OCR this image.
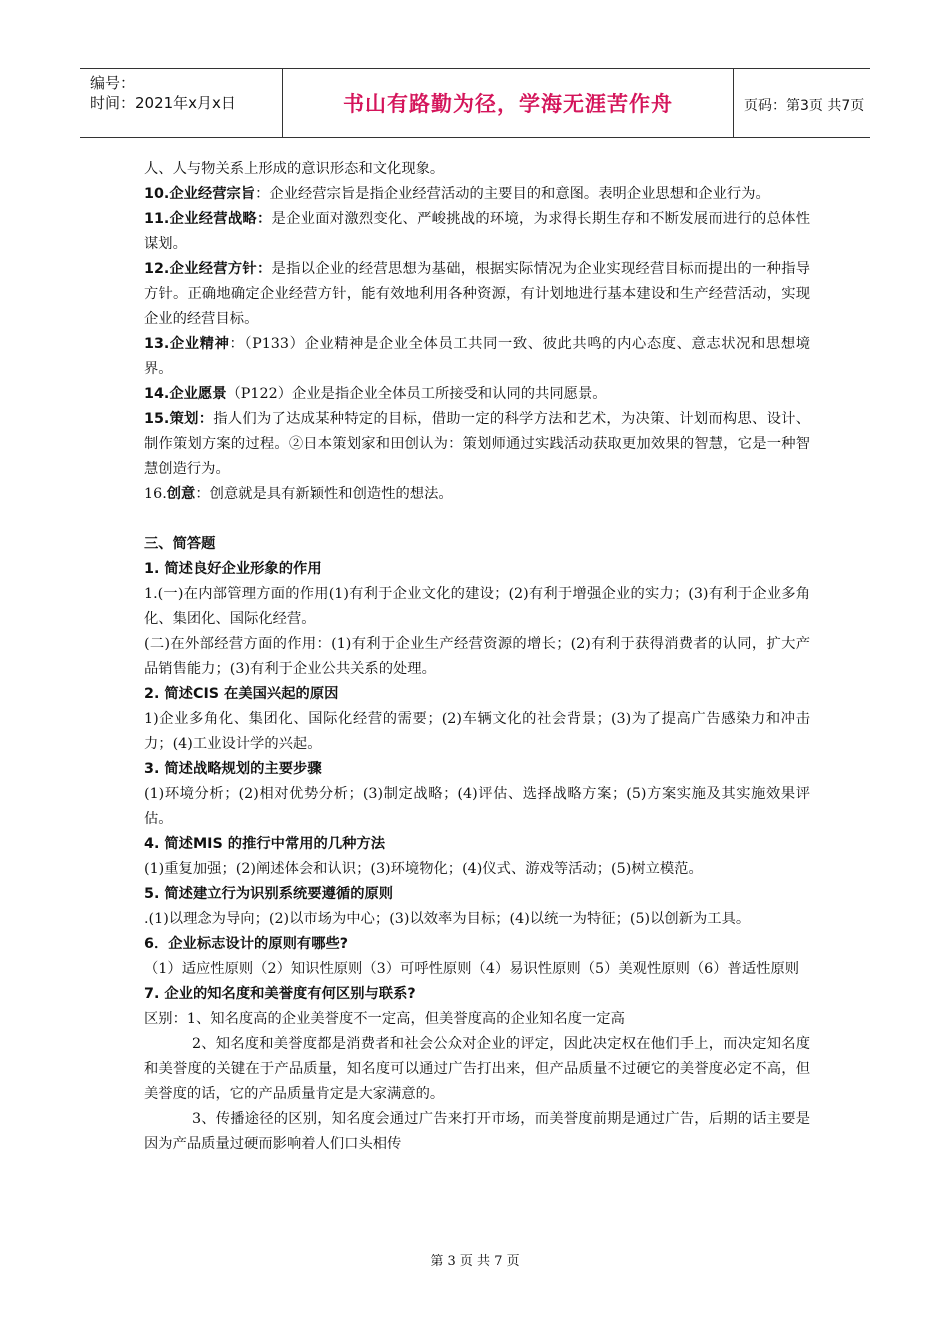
编号：
时间：2021年x月x日	书山有路勤为径，学海无涯苦作舟	页码：第3页 共7页

人、人与物关系上形成的意识形态和文化现象。

10.企业经营宗旨：企业经营宗旨是指企业经营活动的主要目的和意图。表明企业思想和企业行为。

11.企业经营战略：是企业面对激烈变化、严峻挑战的环境，为求得长期生存和不断发展而进行的总体性谋划。

12.企业经营方针：是指以企业的经营思想为基础，根据实际情况为企业实现经营目标而提出的一种指导方针。正确地确定企业经营方针，能有效地利用各种资源，有计划地进行基本建设和生产经营活动，实现企业的经营目标。

13.企业精神：（P133）企业精神是企业全体员工共同一致、彼此共鸣的内心态度、意志状况和思想境界。

14.企业愿景（P122）企业是指企业全体员工所接受和认同的共同愿景。

15.策划：指人们为了达成某种特定的目标，借助一定的科学方法和艺术，为决策、计划而构思、设计、制作策划方案的过程。②日本策划家和田创认为：策划师通过实践活动获取更加效果的智慧，它是一种智慧创造行为。

16.创意：创意就是具有新颖性和创造性的想法。

三、简答题

1. 简述良好企业形象的作用

1.(一)在内部管理方面的作用(1)有利于企业文化的建设；(2)有利于增强企业的实力；(3)有利于企业多角化、集团化、国际化经营。

(二)在外部经营方面的作用：(1)有利于企业生产经营资源的增长；(2)有利于获得消费者的认同，扩大产品销售能力；(3)有利于企业公共关系的处理。

2. 简述CIS 在美国兴起的原因

1)企业多角化、集团化、国际化经营的需要；(2)车辆文化的社会背景；(3)为了提高广告感染力和冲击力；(4)工业设计学的兴起。

3. 简述战略规划的主要步骤

(1)环境分析；(2)相对优势分析；(3)制定战略；(4)评估、选择战略方案；(5)方案实施及其实施效果评估。

4. 简述MIS 的推行中常用的几种方法

(1)重复加强；(2)阐述体会和认识；(3)环境物化；(4)仪式、游戏等活动；(5)树立模范。

5. 简述建立行为识别系统要遵循的原则

.(1)以理念为导向；(2)以市场为中心；(3)以效率为目标；(4)以统一为特征；(5)以创新为工具。

6．企业标志设计的原则有哪些?

（1）适应性原则（2）知识性原则（3）可呼性原则（4）易识性原则（5）美观性原则（6）普适性原则

7. 企业的知名度和美誉度有何区别与联系?

区别：1、知名度高的企业美誉度不一定高，但美誉度高的企业知名度一定高

2、知名度和美誉度都是消费者和社会公众对企业的评定，因此决定权在他们手上，而决定知名度和美誉度的关键在于产品质量，知名度可以通过广告打出来，但产品质量不过硬它的美誉度必定不高，但美誉度的话，它的产品质量肯定是大家满意的。

3、传播途径的区别，知名度会通过广告来打开市场，而美誉度前期是通过广告，后期的话主要是因为产品质量过硬而影响着人们口头相传

第 3 页 共 7 页
